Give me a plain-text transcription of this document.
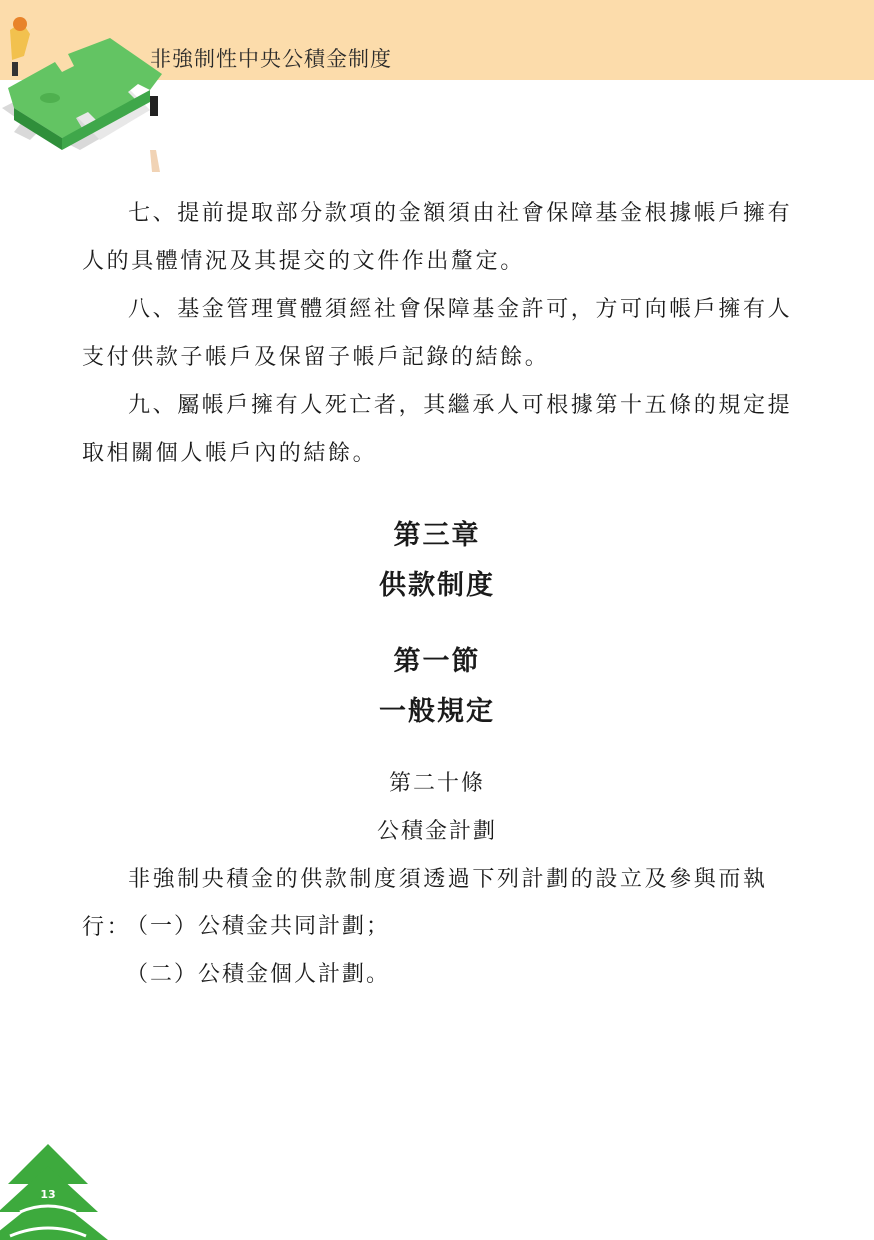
非強制性中央公積金制度

七、提前提取部分款項的金額須由社會保障基金根據帳戶擁有人的具體情況及其提交的文件作出釐定。

八、基金管理實體須經社會保障基金許可，方可向帳戶擁有人支付供款子帳戶及保留子帳戶記錄的結餘。

九、屬帳戶擁有人死亡者，其繼承人可根據第十五條的規定提取相關個人帳戶內的結餘。

第三章
供款制度
第一節
一般規定
第二十條
公積金計劃

非強制央積金的供款制度須透過下列計劃的設立及參與而執行：

（一）公積金共同計劃；
（二）公積金個人計劃。
13
